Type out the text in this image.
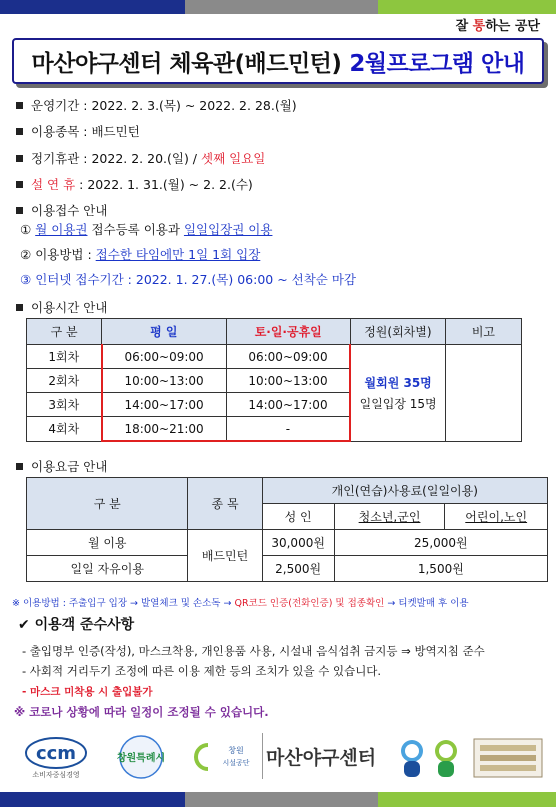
잘 통하는 공단
마산야구센터 체육관(배드민턴) 2월프로그램 안내
운영기간 : 2022. 2. 3.(목) ~ 2022. 2. 28.(월)
이용종목 : 배드민턴
정기휴관 : 2022. 2. 20.(일) / 셋째 일요일
설 연 휴 : 2022. 1. 31.(월) ~ 2. 2.(수)
이용접수 안내
① 월 이용권 접수등록 이용과 일일입장권 이용
② 이용방법 : 접수한 타임에만 1일 1회 입장
③ 인터넷 접수기간 : 2022. 1. 27.(목) 06:00 ~ 선착순 마감
이용시간 안내
구 분	평 일	토·일·공휴일	정원(회차별)	비고
1회차	06:00~09:00	06:00~09:00	월회원 35명
일일입장 15명	

2회차	10:00~13:00	10:00~13:00		
3회차	14:00~17:00	14:00~17:00		
4회차	18:00~21:00	-		
이용요금 안내
구 분	종 목	개인(연습)사용료(일일이용)		
		성 인	청소년,군인	어린이,노인
월 이용	배드민턴	30,000원	25,000원	
일일 자유이용		2,500원	1,500원	
※ 이용방법 : 주출입구 입장 → 발열체크 및 손소독 → QR코드 인증(전화인증) 및 접종확인 → 티켓발매 후 이용
✔ 이용객 준수사항
- 출입명부 인증(작성), 마스크착용, 개인용품 사용, 시설내 음식섭취 금지등 ⇒ 방역지침 준수
- 사회적 거리두기 조정에 따른 이용 제한 등의 조치가 있을 수 있습니다.
- 마스크 미착용 시 출입불가
※ 코로나 상황에 따라 일정이 조정될 수 있습니다.
ccm
소비자중심경영
창원특례시
창원
시설공단 마산야구센터
